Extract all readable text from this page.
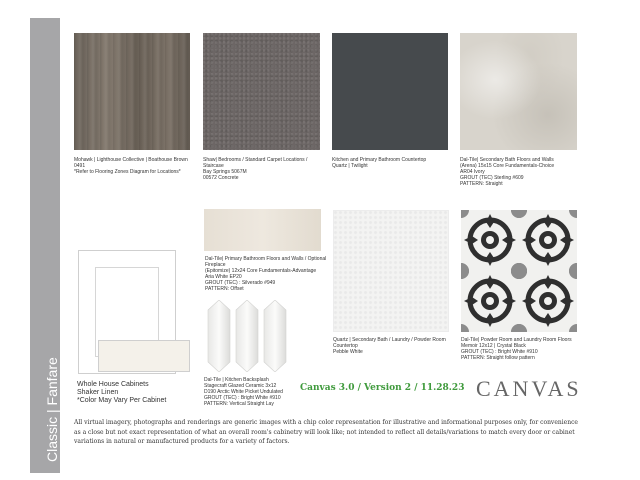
Classic | Fanfare
Mohawk | Lighthouse Collective | Boathouse Brown
0491
*Refer to Flooring Zones Diagram for Locations*
Shaw| Bedrooms / Standard Carpet Locations /
Staircase
Bay Springs 5067M
00572 Concrete
Kitchen and Primary Bathroom Countertop
Quartz | Twilight
Dal-Tile| Secondary Bath Floors and Walls
(Arena) 15x15 Core Fundamentals-Choice
AR04 Ivory
GROUT (TEC) Sterling #609
PATTERN: Straight
Whole House Cabinets
Shaker Linen
*Color May Vary Per Cabinet
Dal-Tile| Primary Bathroom Floors and Walls / Optional
Fireplace
(Epitomize) 12x24 Core Fundamentals-Advantage
Aria White EP20
GROUT (TEC) : Silverado #949
PATTERN: Offset
Dal-Tile | Kitchen Backsplash
Stagecraft Glazed Ceramic 3x12
D190 Arctic White Picket Undulated
GROUT (TEC) : Bright White #910
PATTERN: Vertical Straight Lay
Quartz | Secondary Bath / Laundry / Powder Room
Countertop
Pebble White
Dal-Tile| Powder Room and Laundry Room Floors
Memoir 12x12 | Crystal Black
GROUT (TEC) : Bright White #910
PATTERN: Straight follow pattern
Canvas 3.0 / Version 2 / 11.28.23 CANVAS
All virtual imagery, photographs and renderings are generic images with a chip color representation for illustrative and informational purposes only, for convenience as a close but not exact representation of what an overall room's cabinetry will look like; not intended to reflect all details/variations to match every door or cabinet variations in natural or manufactured products for a variety of factors.
